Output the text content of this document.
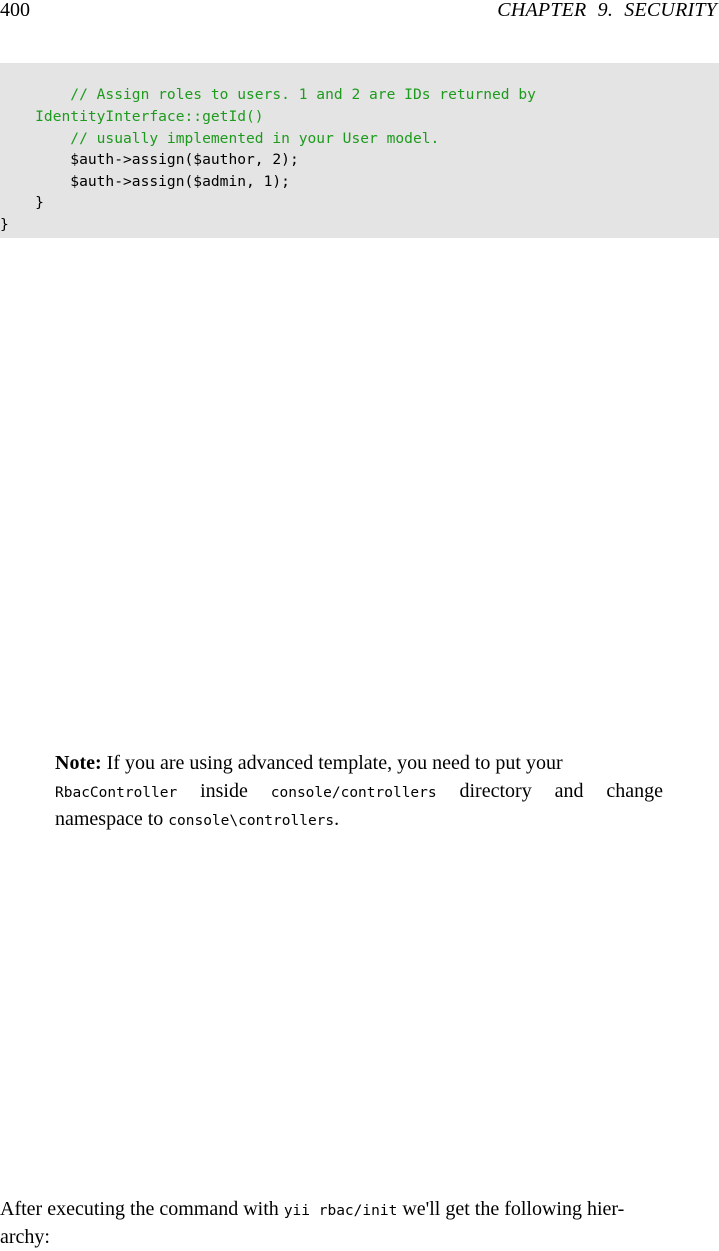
400	CHAPTER 9. SECURITY
// Assign roles to users. 1 and 2 are IDs returned by
IdentityInterface::getId()
// usually implemented in your User model.
$auth->assign($author, 2);
$auth->assign($admin, 1);
}
}
Note: If you are using advanced template, you need to put your
RbacController inside console/controllers directory and change
namespace to console\controllers.
After executing the command with yii rbac/init we'll get the following hier-
archy:
